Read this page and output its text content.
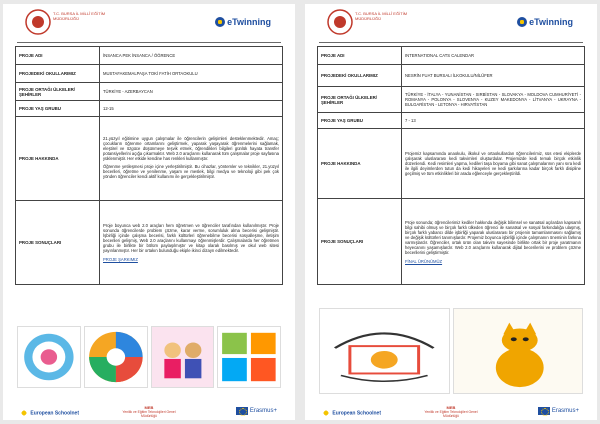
T.C. BURSA İL MİLLÎ EĞİTİM MÜDÜRLÜĞÜ	eTwinning
PROJE ADI	İNSANCA PEK İNSANCA / ÖĞRENCE
PROJEDEKİ OKULLARIMIZ	MUSTAFAKEMALPAŞA TOKİ FATİH ORTAOKULU
PROJE ORTAĞI ÜLKELER/ŞEHİRLER	TÜRKİYE - AZERBAYCAN
PROJE YAŞ GRUBU	12-15
PROJE HAKKINDA	21.yüzyıl eğitimine uygun çalışmalar ile öğrencilerin gelişimleri desteklenmektedir. Amaç; çocukların öğrenme ortamlarını geliştirmek, yaparak yaşayarak öğrenmelerini sağlamak, eleştirel ve özgüce düşünmeye teşvik etmek, öğrendikleri bilgileri günlük hayata transfer potansiyellerini açığa çıkarmaktır. Web 2.0 araçlarını kullanarak tüm çalışmalar proje sayfasına yüklenmiştir. Her etkide kendine has renkleri kullanmıştır.
Öğrenme yetileşmesi proje içine yerleştirilmiştir. Bu cihazlar, yöntemler ve teknikler, 21.yüzyıl becerileri, öğretme ve yenilenme, yaşam ve meslek, bilgi medya ve teknoloji gibi pek çok yönden öğrenciler kendi aktif kullanımı ile gerçekleştirilmiştir.

PROJE SONUÇLARI	Proje boyunca web 2.0 araçları hem öğretmen ve öğrenciler tarafından kullanılmıştır. Proje sonunda öğrencilerde problem çözme, karar verme, sorumluluk alma becerisi gelişmiştir. İşbirliği içinde çalışma becerisi, farklı kültürleri öğrenebilme becerisi sosyalleşme, iletişim becerileri gelişmiş, Web 2.0 araçlarını kullanmayı öğrenmişlerdir. Çalışmalarda her öğretmen grubu ile birlikte bir bölüm paylaşılmıştır ve kitap olarak basılmış ve okul web sitesi yayınlanmıştır. Her bir ortakın bulunduğu ekiple ikinci dizayn edilmektedir.
PROJE ŞARKIMIZ
European Schoolnet
MEB
Yenilik ve Eğitim Teknolojileri Genel Müdürlüğü
Erasmus+
T.C. BURSA İL MİLLÎ EĞİTİM MÜDÜRLÜĞÜ	eTwinning
PROJE ADI	INTERNATIONAL CATS CALENDAR
PROJEDEKİ OKULLARIMIZ	NESRİN FUAT BURSALI İLKOKULU/NİLÜFER
PROJE ORTAĞI ÜLKELER/ŞEHİRLER	TÜRKİYE - İTALYA - YUNANİSTAN - SIRBİSTAN - SLOVAKYA - MOLDOVA CUMHURİYETİ - ROMANYA - POLONYA - SLOVENYA - KUZEY MAKEDONYA - LİTVANYA - UKRAYNA - BULGARİSTAN - LETONYA - HIRVATİSTAN
PROJE YAŞ GRUBU	7 - 13
PROJE HAKKINDA	Projemiz kapsamında anaokulu, ilkokul ve ortaokullardan öğrencilerimiz, süs etesi ekiplerde çalışarak uluslararası kedi takvimleri oluşturdular. Projemizde kedi temalı birçok etkinlik düzenlendi. Kedi resimleri yapma, kedileri taşa boyama gibi sanat çalışmalarının yanı sıra kedi ile ilgili deyimlerden tutun da kedi hikayeleri ve kedi şarkılarına kadar birçok farklı disipline geçilmiş ve tüm etkinlikleri bir arada eğlenceyle gerçekleştirildi.

PROJE SONUÇLARI	Proje sonunda; öğrencilerimiz kediler hakkında değişik bilimsel ve sanatsal açılardan kapsamlı bilgi sahibi olmuş ve birçok farklı ülkeden öğrenci ile sanatsal ve sosyal farkındalığa ulaşmış, birçok farklı yabancı dilde işbirliği yaparak uluslararası bir projenin tamamlanmasını sağlamış ve değişik kültürleri tanımışlardır. Projemiz boyunca işbirliği içinde çalışmanın öneminin farkına varmışlardır. Öğrenciler, ortak ürün olan takvim sayesinde birlikte ortak bir proje yaratmanın heyecanını yaşamışlardır. Web 2.0 araçlarını kullanarak dijital becerilerini ve problem çözme becerilerini geliştirmiştir.
FİNAL ÜRÜNÜMÜZ
European Schoolnet
MEB
Yenilik ve Eğitim Teknolojileri Genel Müdürlüğü
Erasmus+
